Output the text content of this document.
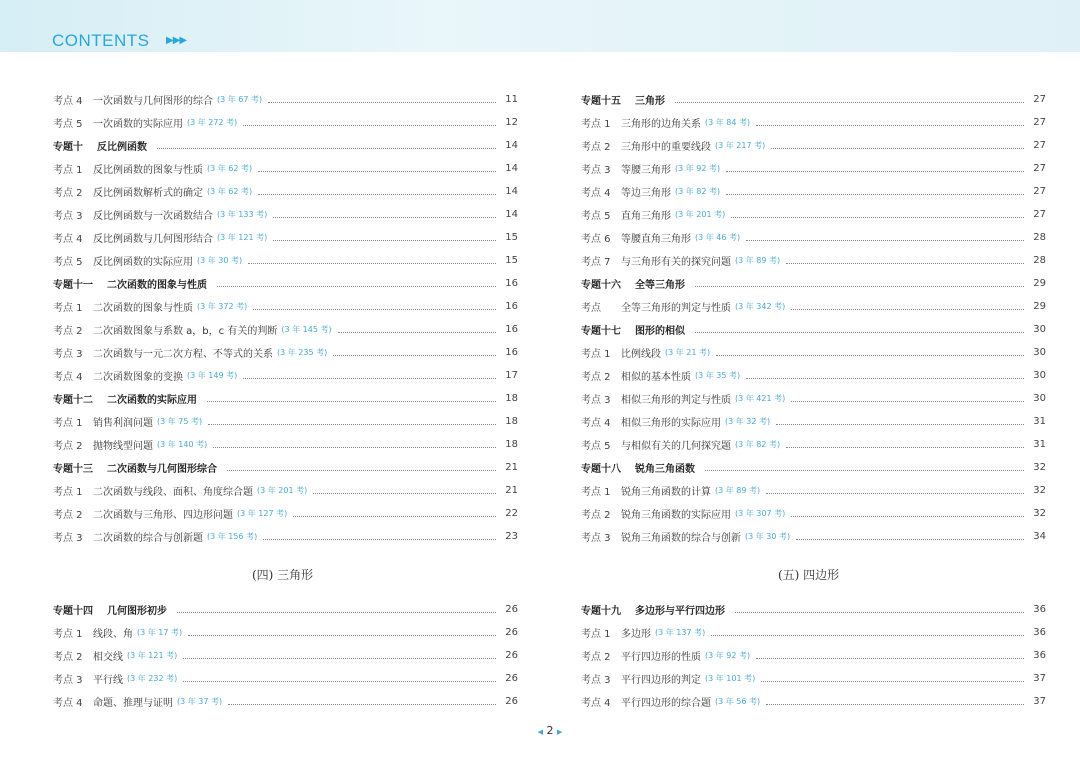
CONTENTS ▶▶▶
考点 4	一次函数与几何图形的综合 (3 年 67 考)	11
考点 5	一次函数的实际应用 (3 年 272 考)	12
专题十 反比例函数	14
考点 1	反比例函数的图象与性质 (3 年 62 考)	14
考点 2	反比例函数解析式的确定 (3 年 62 考)	14
考点 3	反比例函数与一次函数结合 (3 年 133 考)	14
考点 4	反比例函数与几何图形结合 (3 年 121 考)	15
考点 5	反比例函数的实际应用 (3 年 30 考)	15
专题十一 二次函数的图象与性质	16
考点 1	二次函数的图象与性质 (3 年 372 考)	16
考点 2	二次函数图象与系数 a，b，c 有关的判断 (3 年 145 考)	16
考点 3	二次函数与一元二次方程、不等式的关系 (3 年 235 考)	16
考点 4	二次函数图象的变换 (3 年 149 考)	17
专题十二 二次函数的实际应用	18
考点 1	销售利润问题 (3 年 75 考)	18
考点 2	抛物线型问题 (3 年 140 考)	18
专题十三 二次函数与几何图形综合	21
考点 1	二次函数与线段、面积、角度综合题 (3 年 201 考)	21
考点 2	二次函数与三角形、四边形问题 (3 年 127 考)	22
考点 3	二次函数的综合与创新题 (3 年 156 考)	23
专题十五 三角形	27
考点 1	三角形的边角关系 (3 年 84 考)	27
考点 2	三角形中的重要线段 (3 年 217 考)	27
考点 3	等腰三角形 (3 年 92 考)	27
考点 4	等边三角形 (3 年 82 考)	27
考点 5	直角三角形 (3 年 201 考)	27
考点 6	等腰直角三角形 (3 年 46 考)	28
考点 7	与三角形有关的探究问题 (3 年 89 考)	28
专题十六 全等三角形	29
考点	全等三角形的判定与性质 (3 年 342 考)	29
专题十七 图形的相似	30
考点 1	比例线段 (3 年 21 考)	30
考点 2	相似的基本性质 (3 年 35 考)	30
考点 3	相似三角形的判定与性质 (3 年 421 考)	30
考点 4	相似三角形的实际应用 (3 年 32 考)	31
考点 5	与相似有关的几何探究题 (3 年 82 考)	31
专题十八 锐角三角函数	32
考点 1	锐角三角函数的计算 (3 年 89 考)	32
考点 2	锐角三角函数的实际应用 (3 年 307 考)	32
考点 3	锐角三角函数的综合与创新 (3 年 30 考)	34
(四) 三角形	(五) 四边形
专题十四 几何图形初步	26
考点 1	线段、角 (3 年 17 考)	26
考点 2	相交线 (3 年 121 考)	26
考点 3	平行线 (3 年 232 考)	26
考点 4	命题、推理与证明 (3 年 37 考)	26
专题十九 多边形与平行四边形	36
考点 1	多边形 (3 年 137 考)	36
考点 2	平行四边形的性质 (3 年 92 考)	36
考点 3	平行四边形的判定 (3 年 101 考)	37
考点 4	平行四边形的综合题 (3 年 56 考)	37
◀ 2 ▶
